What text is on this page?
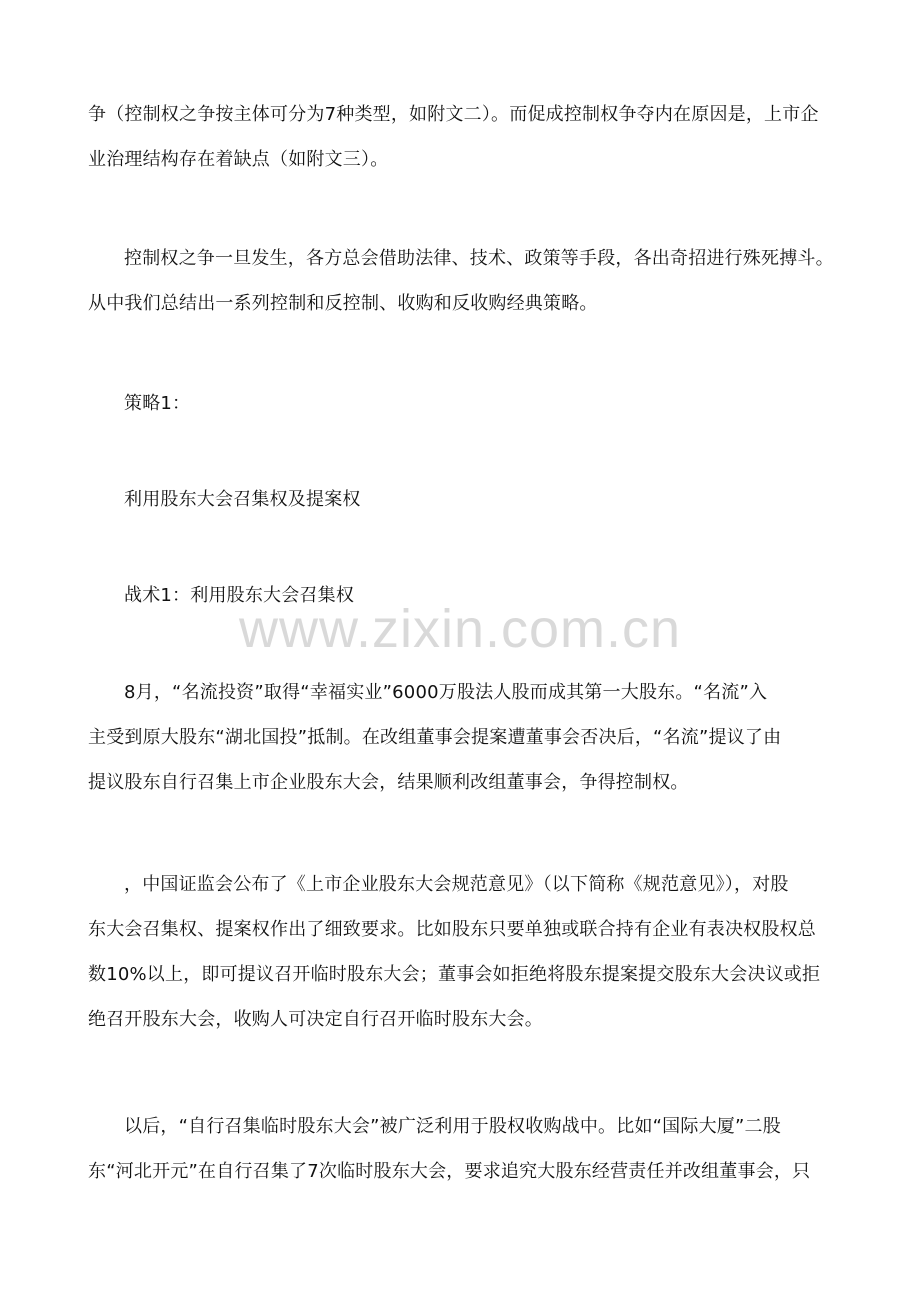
争（控制权之争按主体可分为7种类型，如附文二）。而促成控制权争夺内在原因是，上市企
业治理结构存在着缺点（如附文三）。
控制权之争一旦发生，各方总会借助法律、技术、政策等手段，各出奇招进行殊死搏斗。
从中我们总结出一系列控制和反控制、收购和反收购经典策略。
策略1：
利用股东大会召集权及提案权
战术1：利用股东大会召集权
8月，“名流投资”取得“幸福实业”6000万股法人股而成其第一大股东。“名流”入
主受到原大股东“湖北国投”抵制。在改组董事会提案遭董事会否决后，“名流”提议了由
提议股东自行召集上市企业股东大会，结果顺利改组董事会，争得控制权。
，中国证监会公布了《上市企业股东大会规范意见》（以下简称《规范意见》），对股
东大会召集权、提案权作出了细致要求。比如股东只要单独或联合持有企业有表决权股权总
数10%以上，即可提议召开临时股东大会；董事会如拒绝将股东提案提交股东大会决议或拒
绝召开股东大会，收购人可决定自行召开临时股东大会。
以后，“自行召集临时股东大会”被广泛利用于股权收购战中。比如“国际大厦”二股
东“河北开元”在自行召集了7次临时股东大会，要求追究大股东经营责任并改组董事会，只
www.zixin.com.cn
